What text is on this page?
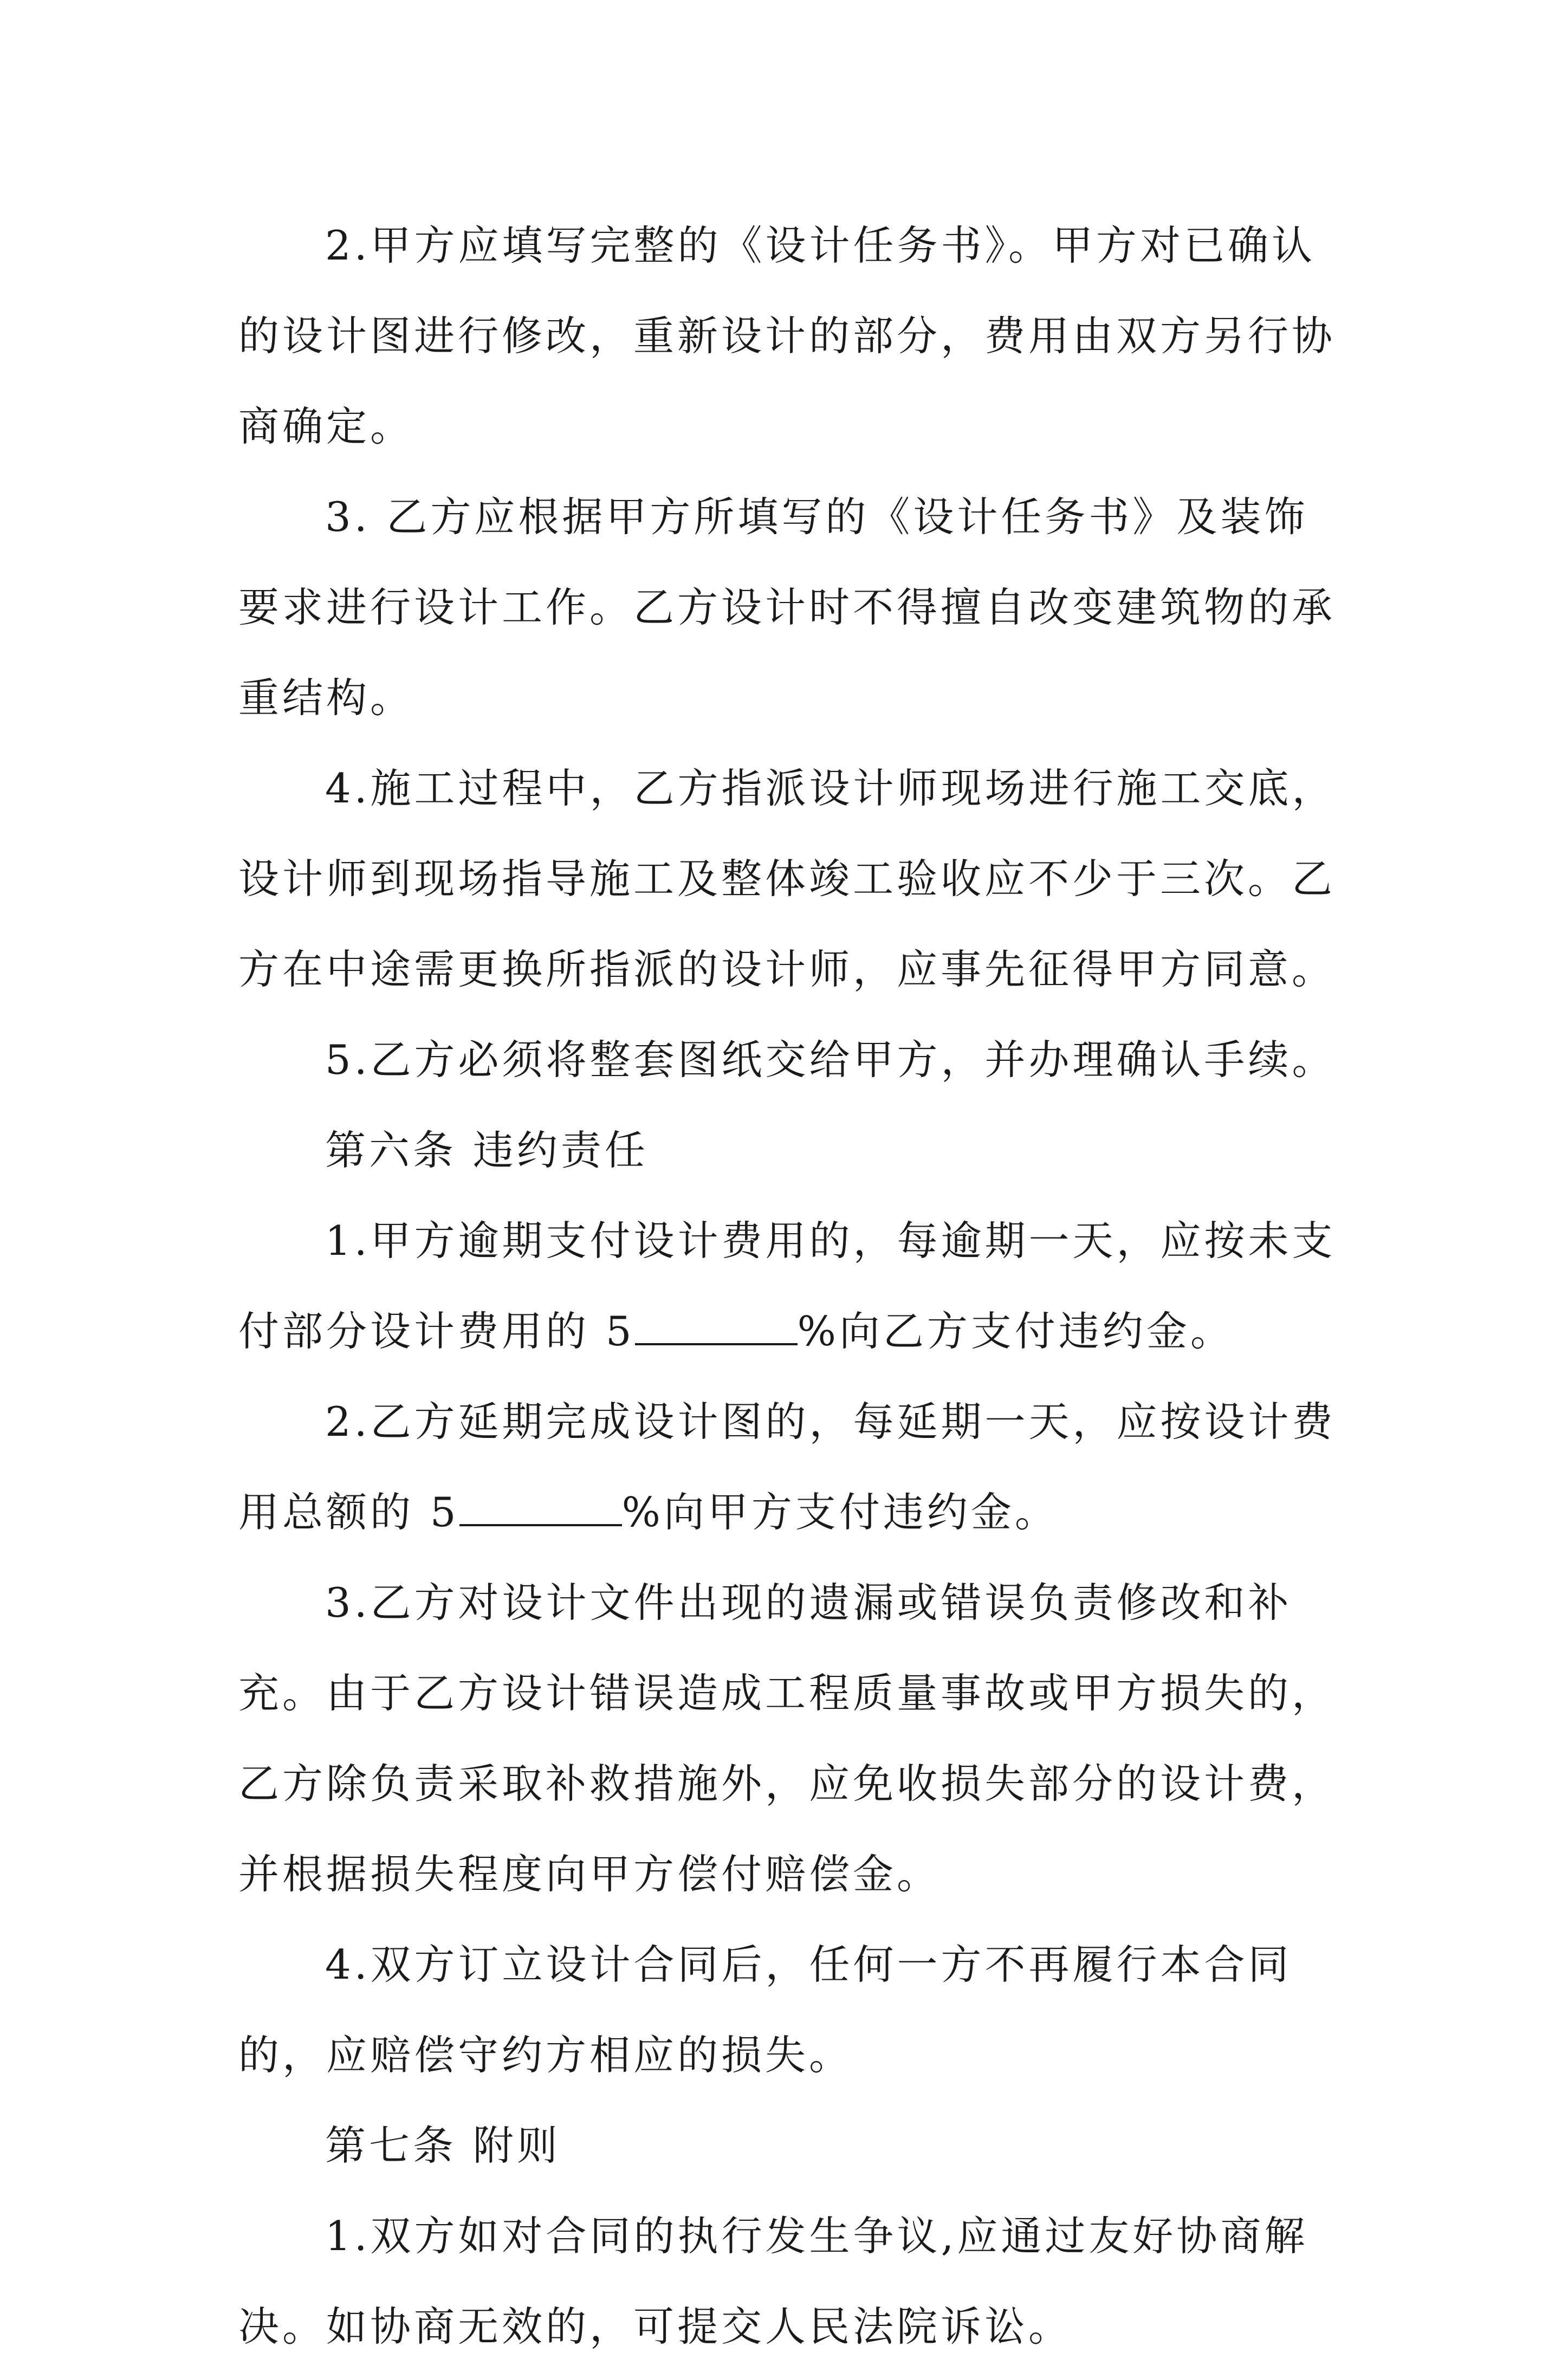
2.甲方应填写完整的《设计任务书》。甲方对已确认的设计图进行修改，重新设计的部分，费用由双方另行协商确定。

3. 乙方应根据甲方所填写的《设计任务书》及装饰要求进行设计工作。乙方设计时不得擅自改变建筑物的承重结构。

4.施工过程中，乙方指派设计师现场进行施工交底，设计师到现场指导施工及整体竣工验收应不少于三次。乙方在中途需更换所指派的设计师，应事先征得甲方同意。

5.乙方必须将整套图纸交给甲方，并办理确认手续。

第六条 违约责任

1.甲方逾期支付设计费用的，每逾期一天，应按未支付部分设计费用的 5	%向乙方支付违约金。

2.乙方延期完成设计图的，每延期一天，应按设计费用总额的 5	%向甲方支付违约金。

3.乙方对设计文件出现的遗漏或错误负责修改和补充。由于乙方设计错误造成工程质量事故或甲方损失的，乙方除负责采取补救措施外，应免收损失部分的设计费，并根据损失程度向甲方偿付赔偿金。

4.双方订立设计合同后，任何一方不再履行本合同的，应赔偿守约方相应的损失。

第七条 附则

1.双方如对合同的执行发生争议,应通过友好协商解决。如协商无效的，可提交人民法院诉讼。
